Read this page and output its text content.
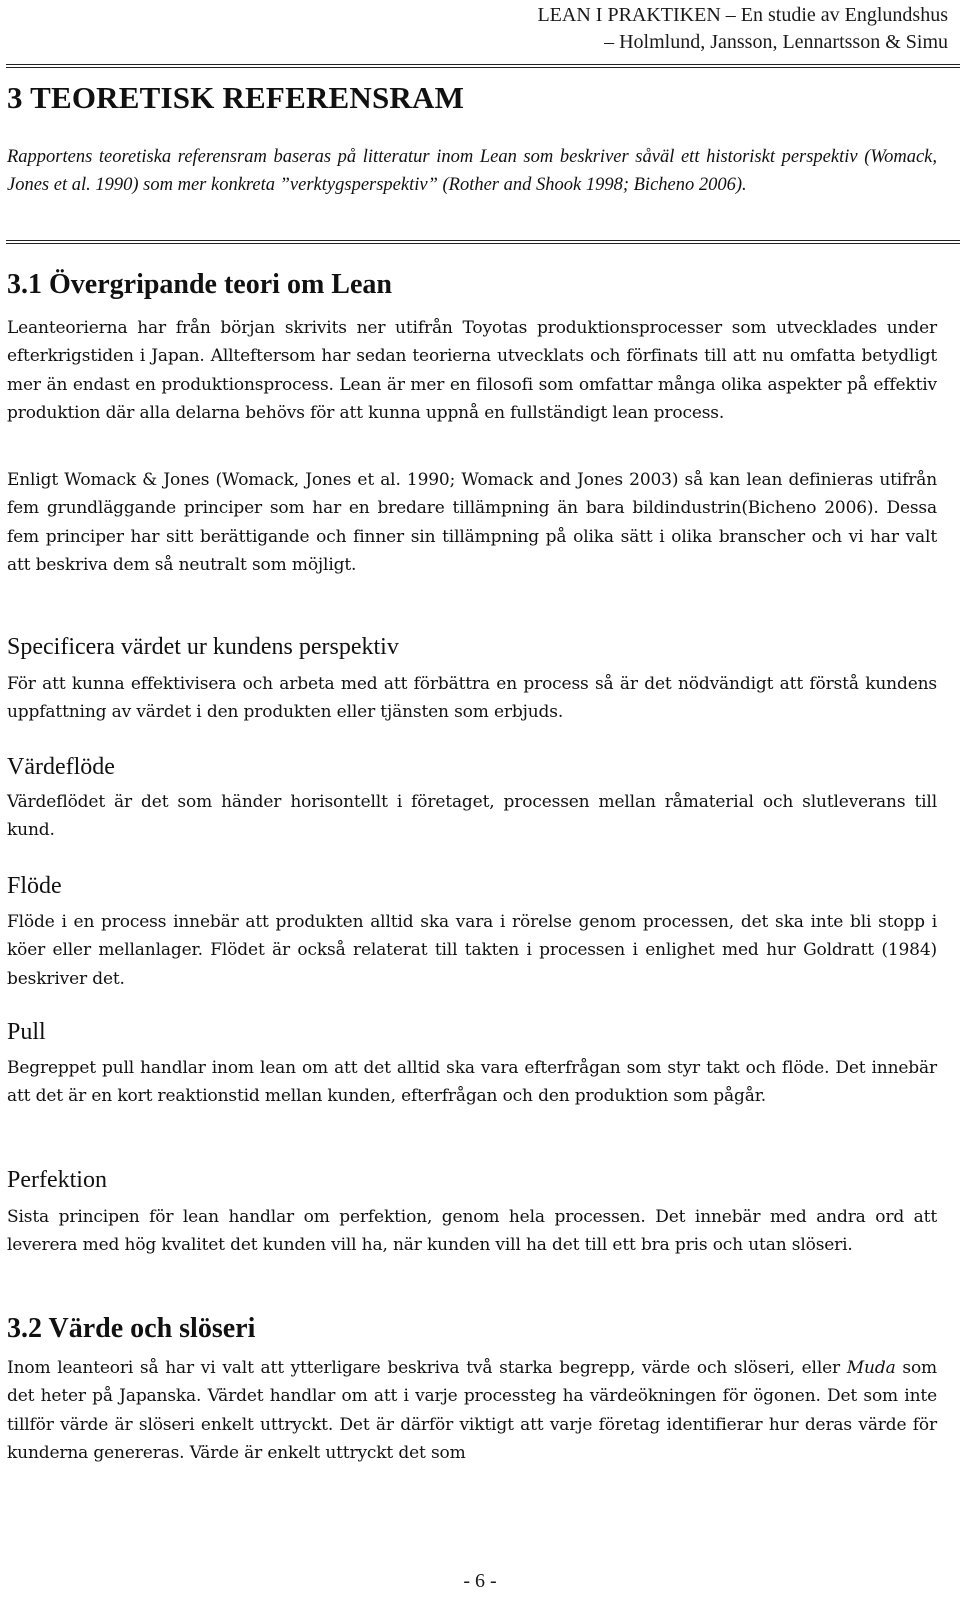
LEAN I PRAKTIKEN – En studie av Englundshus
– Holmlund, Jansson, Lennartsson & Simu
3 TEORETISK REFERENSRAM

Rapportens teoretiska referensram baseras på litteratur inom Lean som beskriver såväl ett historiskt perspektiv (Womack, Jones et al. 1990) som mer konkreta ”verktygsperspektiv” (Rother and Shook 1998; Bicheno 2006).

3.1 Övergripande teori om Lean

Leanteorierna har från början skrivits ner utifrån Toyotas produktionsprocesser som utvecklades under efterkrigstiden i Japan. Allteftersom har sedan teorierna utvecklats och förfinats till att nu omfatta betydligt mer än endast en produktionsprocess. Lean är mer en filosofi som omfattar många olika aspekter på effektiv produktion där alla delarna behövs för att kunna uppnå en fullständigt lean process.

Enligt Womack & Jones (Womack, Jones et al. 1990; Womack and Jones 2003) så kan lean definieras utifrån fem grundläggande principer som har en bredare tillämpning än bara bildindustrin(Bicheno 2006). Dessa fem principer har sitt berättigande och finner sin tillämpning på olika sätt i olika branscher och vi har valt att beskriva dem så neutralt som möjligt.

Specificera värdet ur kundens perspektiv

För att kunna effektivisera och arbeta med att förbättra en process så är det nödvändigt att förstå kundens uppfattning av värdet i den produkten eller tjänsten som erbjuds.

Värdeflöde

Värdeflödet är det som händer horisontellt i företaget, processen mellan råmaterial och slutleverans till kund.

Flöde

Flöde i en process innebär att produkten alltid ska vara i rörelse genom processen, det ska inte bli stopp i köer eller mellanlager. Flödet är också relaterat till takten i processen i enlighet med hur Goldratt (1984) beskriver det.

Pull

Begreppet pull handlar inom lean om att det alltid ska vara efterfrågan som styr takt och flöde. Det innebär att det är en kort reaktionstid mellan kunden, efterfrågan och den produktion som pågår.

Perfektion

Sista principen för lean handlar om perfektion, genom hela processen. Det innebär med andra ord att leverera med hög kvalitet det kunden vill ha, när kunden vill ha det till ett bra pris och utan slöseri.

3.2 Värde och slöseri

Inom leanteori så har vi valt att ytterligare beskriva två starka begrepp, värde och slöseri, eller Muda som det heter på Japanska. Värdet handlar om att i varje processteg ha värdeökningen för ögonen. Det som inte tillför värde är slöseri enkelt uttryckt. Det är därför viktigt att varje företag identifierar hur deras värde för kunderna genereras. Värde är enkelt uttryckt det som

- 6 -
